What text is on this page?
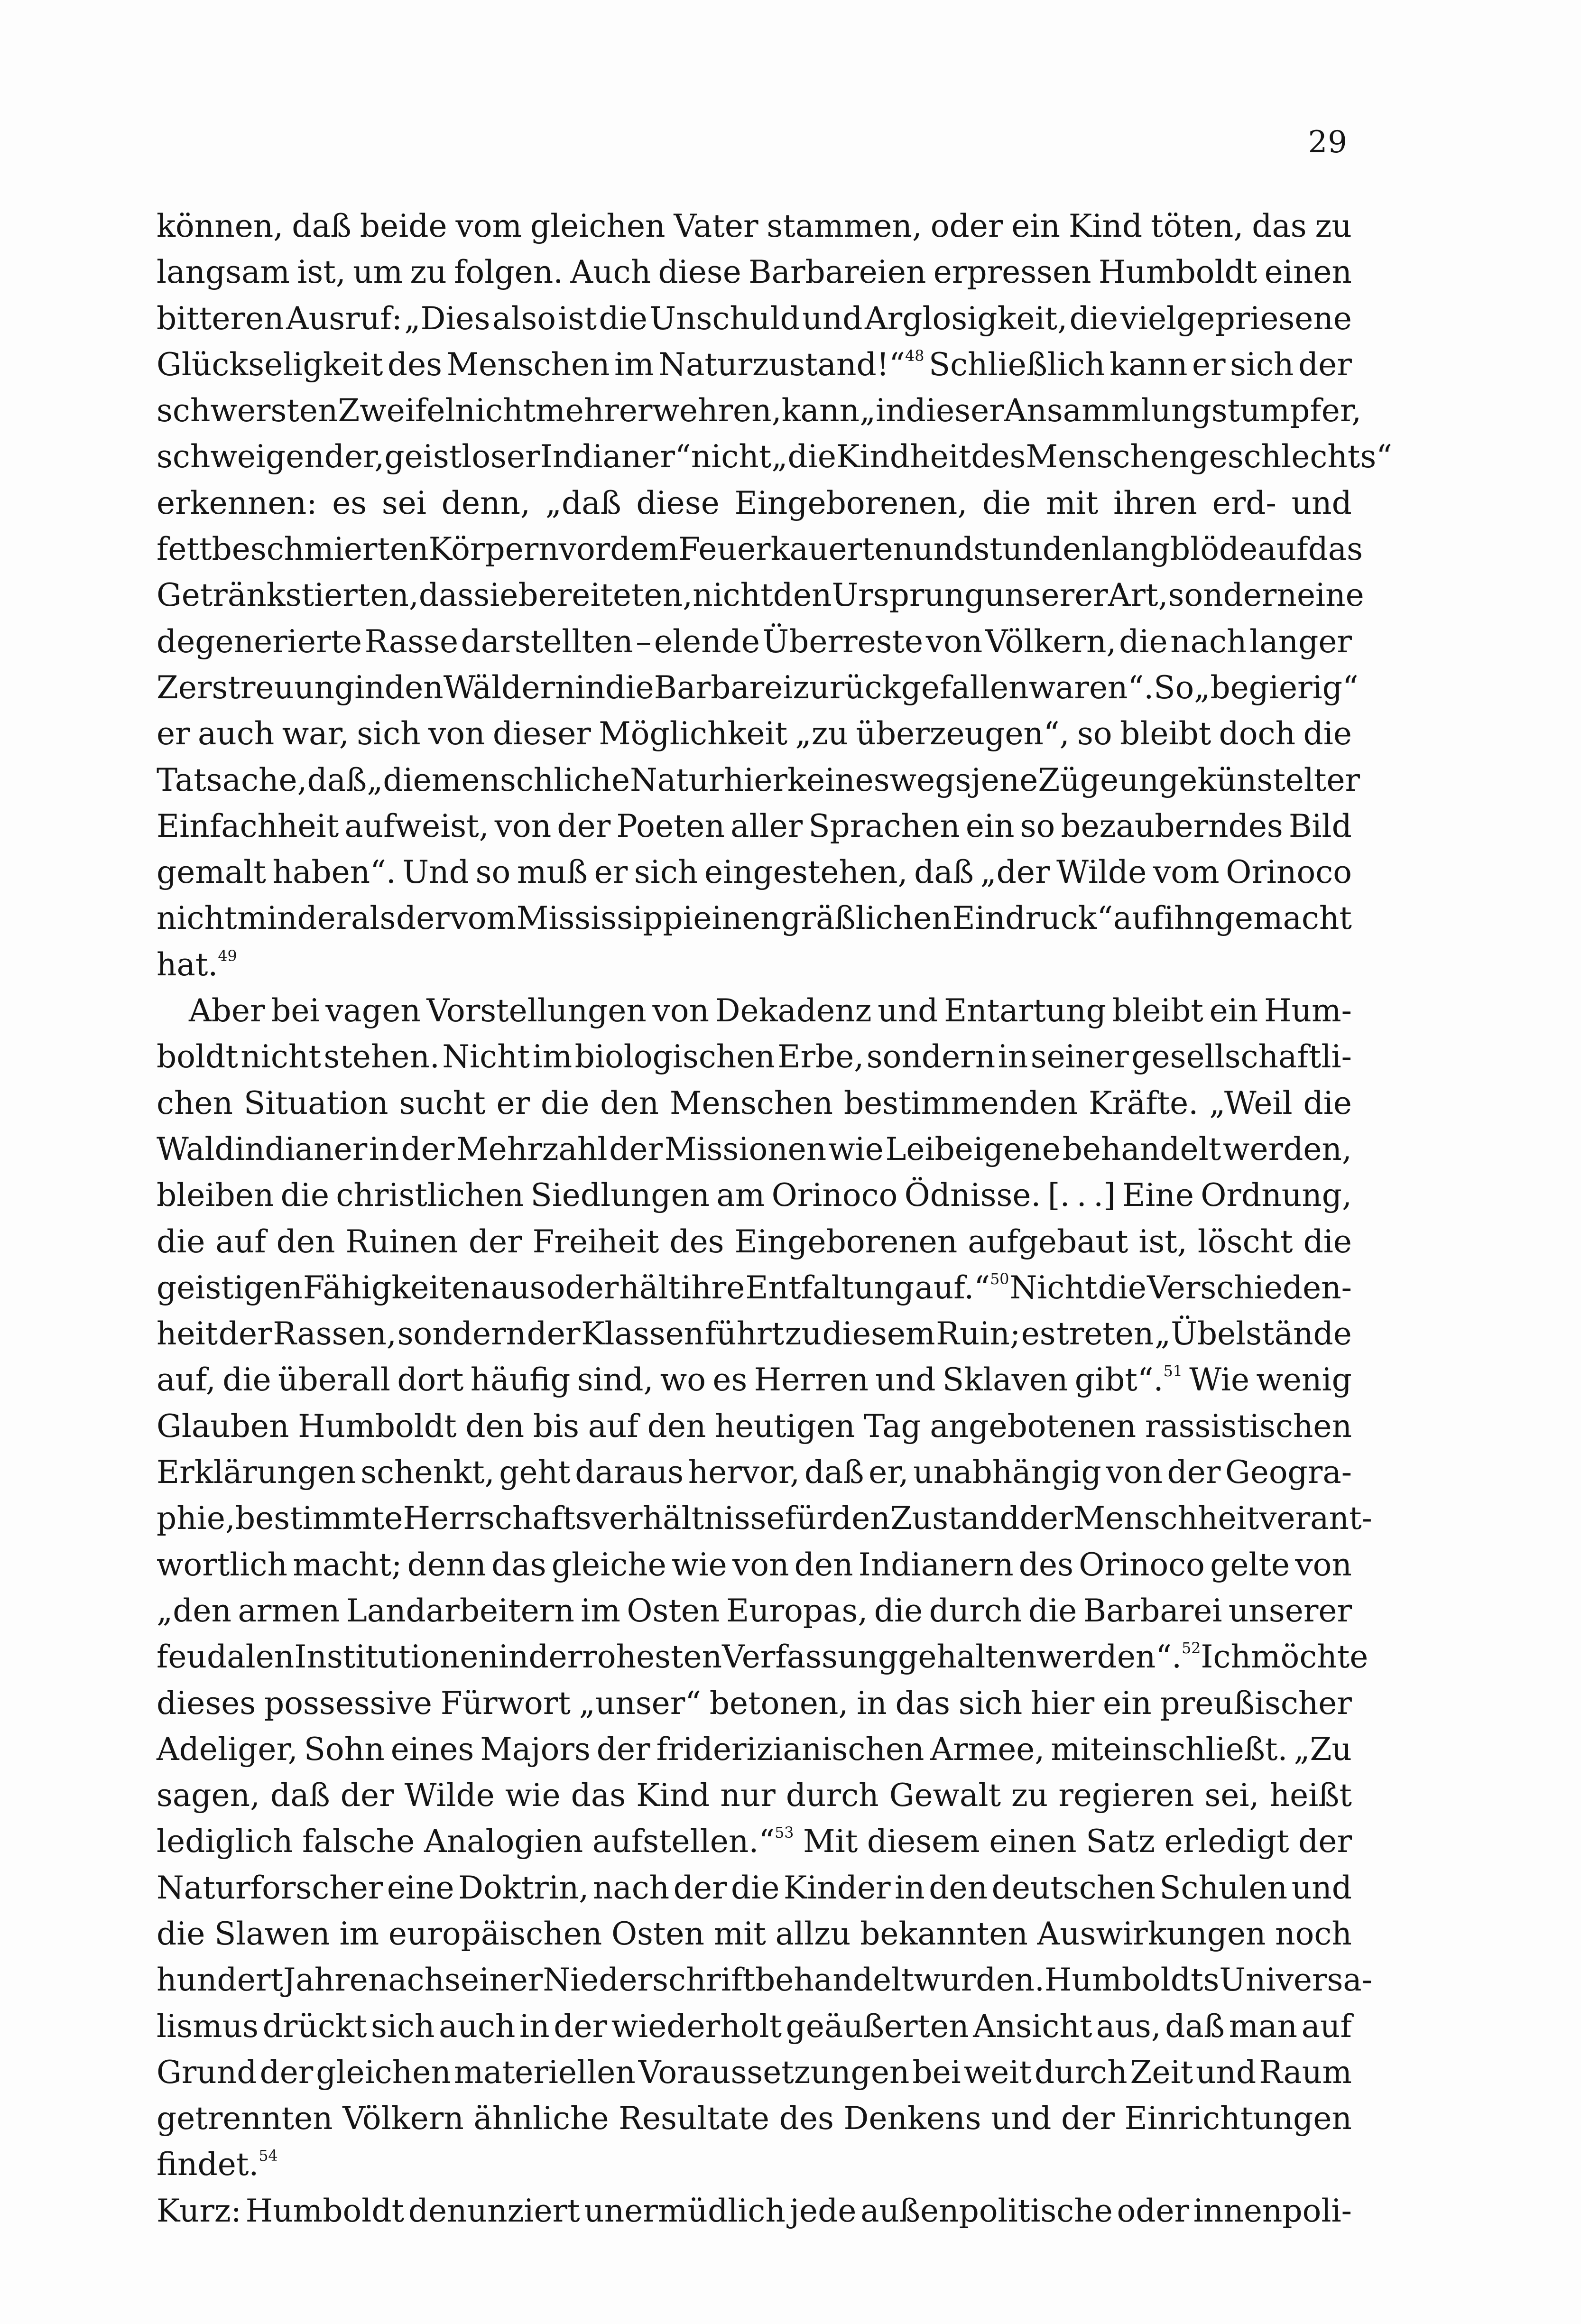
29
können, daß beide vom gleichen Vater stammen, oder ein Kind töten, das zu
langsam ist, um zu folgen. Auch diese Barbareien erpressen Humboldt einen
bitteren Ausruf: „Dies also ist die Unschuld und Arglosigkeit, die vielgepriesene
Glückseligkeit des Menschen im Naturzustand!“$^{48}$ Schließlich kann er sich der
schwersten Zweifel nicht mehr erwehren, kann „in dieser Ansammlung stumpfer,
schweigender, geistloser Indianer“ nicht „die Kindheit des Menschengeschlechts“
erkennen: es sei denn, „daß diese Eingeborenen, die mit ihren erd- und
fettbeschmierten Körpern vor dem Feuer kauerten und stundenlang blöde auf das
Getränk stierten, das sie bereiteten, nicht den Ursprung unserer Art, sondern eine
degenerierte Rasse darstellten – elende Überreste von Völkern, die nach langer
Zerstreuung in den Wäldern in die Barbarei zurückgefallen waren“. So „begierig“
er auch war, sich von dieser Möglichkeit „zu überzeugen“, so bleibt doch die
Tatsache, daß „die menschliche Natur hier keineswegs jene Züge ungekünstelter
Einfachheit aufweist, von der Poeten aller Sprachen ein so bezauberndes Bild
gemalt haben“. Und so muß er sich eingestehen, daß „der Wilde vom Orinoco
nicht minder als der vom Mississippi einen gräßlichen Eindruck“ auf ihn gemacht
hat.$^{49}$
Aber bei vagen Vorstellungen von Dekadenz und Entartung bleibt ein Hum-
boldt nicht stehen. Nicht im biologischen Erbe, sondern in seiner gesellschaftli-
chen Situation sucht er die den Menschen bestimmenden Kräfte. „Weil die
Waldindianer in der Mehrzahl der Missionen wie Leibeigene behandelt werden,
bleiben die christlichen Siedlungen am Orinoco Ödnisse. [. . .] Eine Ordnung,
die auf den Ruinen der Freiheit des Eingeborenen aufgebaut ist, löscht die
geistigen Fähigkeiten aus oder hält ihre Entfaltung auf.“$^{50}$ Nicht die Verschieden-
heit der Rassen, sondern der Klassen führt zu diesem Ruin; es treten „Übelstände
auf, die überall dort häufig sind, wo es Herren und Sklaven gibt“.$^{51}$ Wie wenig
Glauben Humboldt den bis auf den heutigen Tag angebotenen rassistischen
Erklärungen schenkt, geht daraus hervor, daß er, unabhängig von der Geogra-
phie, bestimmte Herrschaftsverhältnisse für den Zustand der Menschheit verant-
wortlich macht; denn das gleiche wie von den Indianern des Orinoco gelte von
„den armen Landarbeitern im Osten Europas, die durch die Barbarei unserer
feudalen Institutionen in der rohesten Verfassung gehalten werden“.$^{52}$ Ich möchte
dieses possessive Fürwort „unser“ betonen, in das sich hier ein preußischer
Adeliger, Sohn eines Majors der friderizianischen Armee, miteinschließt. „Zu
sagen, daß der Wilde wie das Kind nur durch Gewalt zu regieren sei, heißt
lediglich falsche Analogien aufstellen.“$^{53}$ Mit diesem einen Satz erledigt der
Naturforscher eine Doktrin, nach der die Kinder in den deutschen Schulen und
die Slawen im europäischen Osten mit allzu bekannten Auswirkungen noch
hundert Jahre nach seiner Niederschrift behandelt wurden. Humboldts Universa-
lismus drückt sich auch in der wiederholt geäußerten Ansicht aus, daß man auf
Grund der gleichen materiellen Voraussetzungen bei weit durch Zeit und Raum
getrennten Völkern ähnliche Resultate des Denkens und der Einrichtungen
findet.$^{54}$
Kurz: Humboldt denunziert unermüdlich jede außenpolitische oder innenpoli-
